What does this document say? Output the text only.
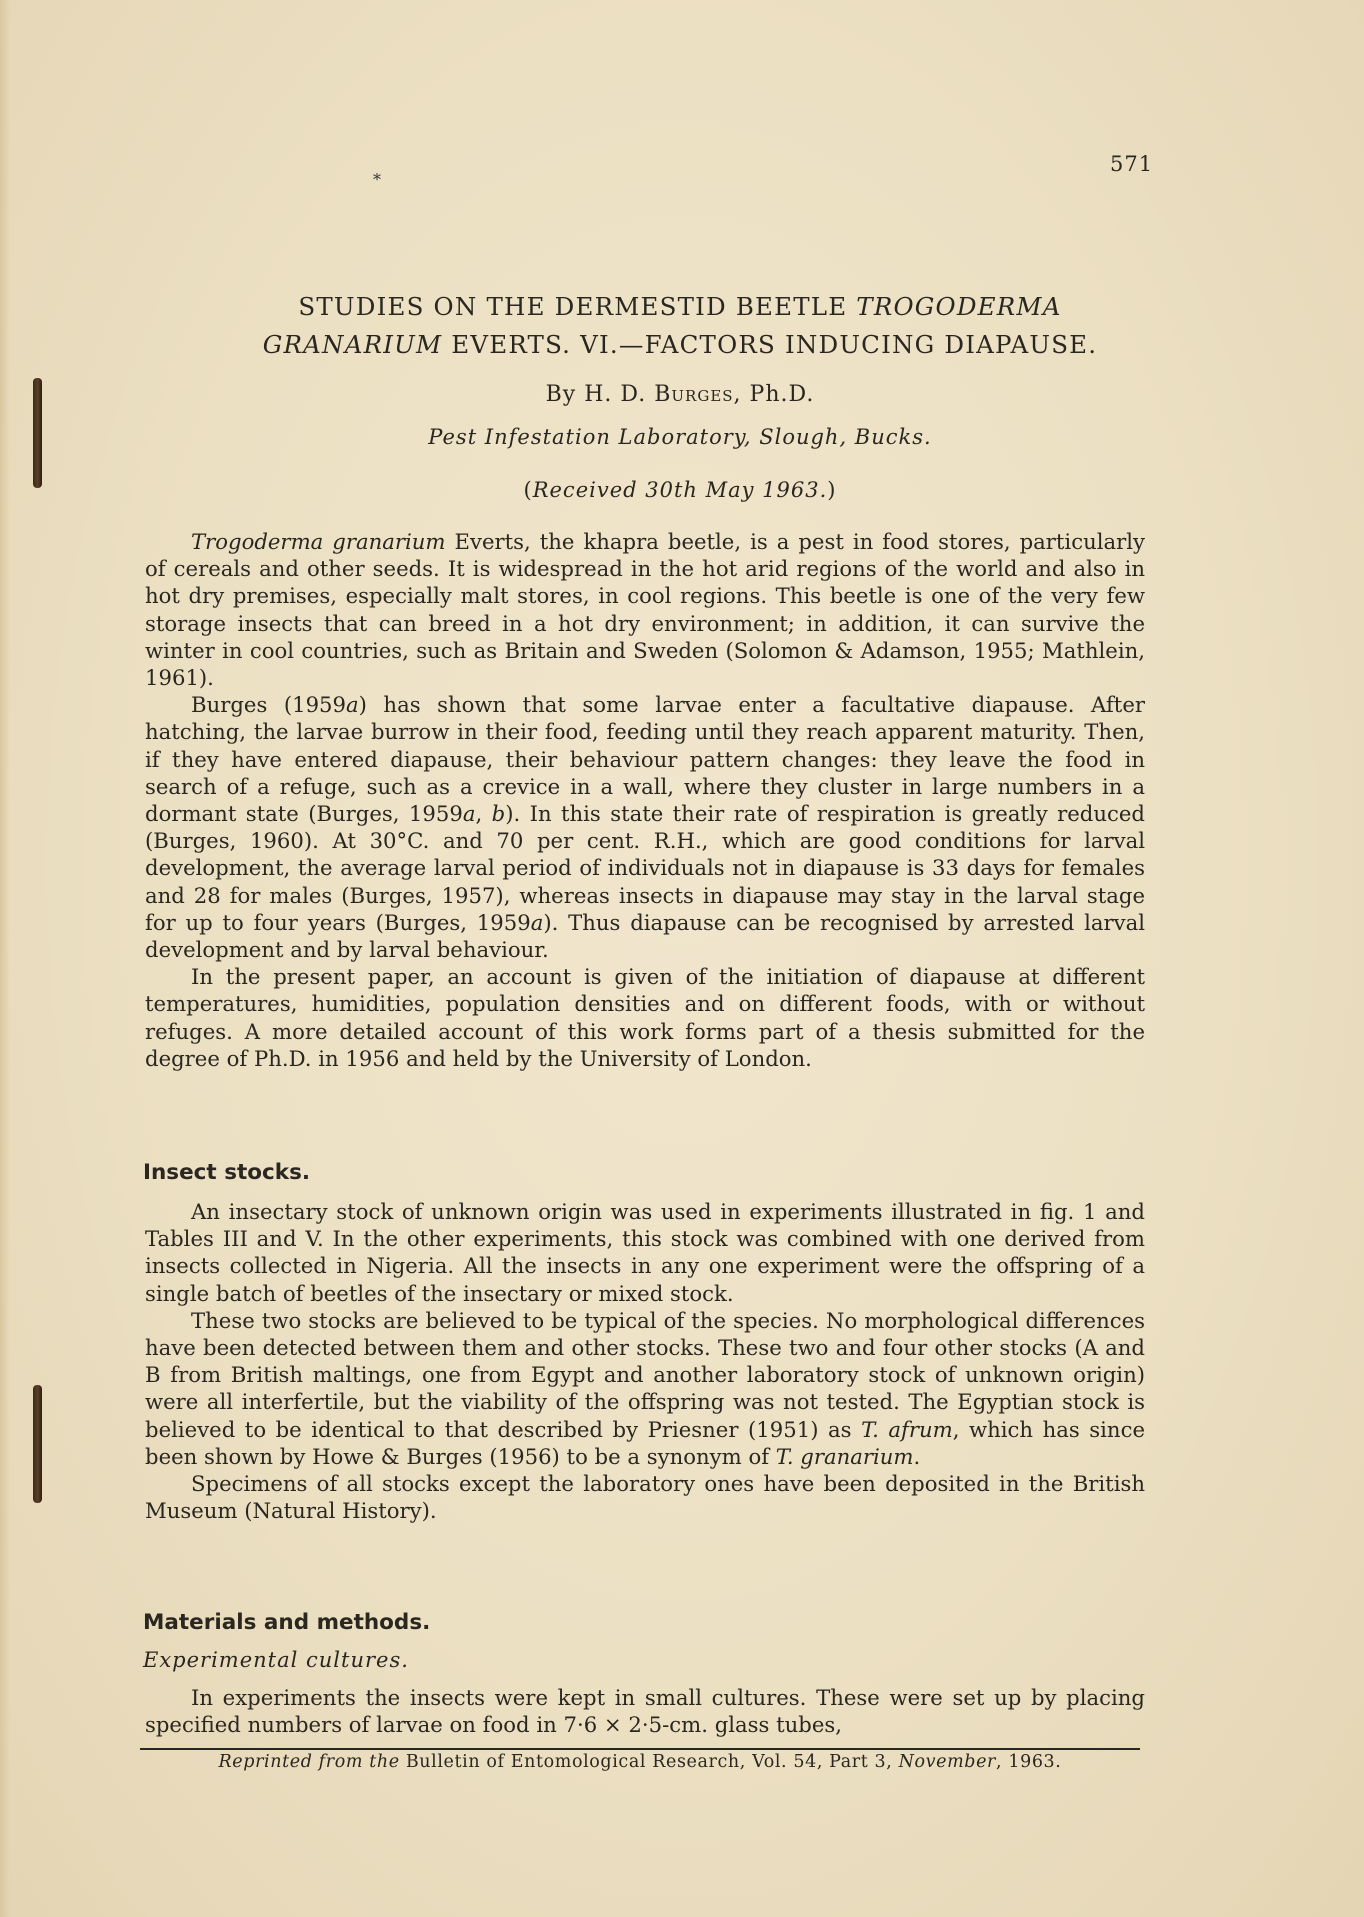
*
571
STUDIES ON THE DERMESTID BEETLE TROGODERMA
GRANARIUM EVERTS. VI.—FACTORS INDUCING DIAPAUSE.
By H. D. Burges, Ph.D.
Pest Infestation Laboratory, Slough, Bucks.
(Received 30th May 1963.)

Trogoderma granarium Everts, the khapra beetle, is a pest in food stores, particularly of cereals and other seeds. It is widespread in the hot arid regions of the world and also in hot dry premises, especially malt stores, in cool regions. This beetle is one of the very few storage insects that can breed in a hot dry environment; in addition, it can survive the winter in cool countries, such as Britain and Sweden (Solomon & Adamson, 1955; Mathlein, 1961).

Burges (1959a) has shown that some larvae enter a facultative diapause. After hatching, the larvae burrow in their food, feeding until they reach apparent maturity. Then, if they have entered diapause, their behaviour pattern changes: they leave the food in search of a refuge, such as a crevice in a wall, where they cluster in large numbers in a dormant state (Burges, 1959a, b). In this state their rate of respiration is greatly reduced (Burges, 1960). At 30°C. and 70 per cent. R.H., which are good conditions for larval development, the average larval period of individuals not in diapause is 33 days for females and 28 for males (Burges, 1957), whereas insects in diapause may stay in the larval stage for up to four years (Burges, 1959a). Thus diapause can be recognised by arrested larval development and by larval behaviour.

In the present paper, an account is given of the initiation of diapause at different temperatures, humidities, population densities and on different foods, with or without refuges. A more detailed account of this work forms part of a thesis submitted for the degree of Ph.D. in 1956 and held by the University of London.

Insect stocks.

An insectary stock of unknown origin was used in experiments illustrated in fig. 1 and Tables III and V. In the other experiments, this stock was combined with one derived from insects collected in Nigeria. All the insects in any one experiment were the offspring of a single batch of beetles of the insectary or mixed stock.

These two stocks are believed to be typical of the species. No morphological differences have been detected between them and other stocks. These two and four other stocks (A and B from British maltings, one from Egypt and another laboratory stock of unknown origin) were all interfertile, but the viability of the offspring was not tested. The Egyptian stock is believed to be identical to that described by Priesner (1951) as T. afrum, which has since been shown by Howe & Burges (1956) to be a synonym of T. granarium.

Specimens of all stocks except the laboratory ones have been deposited in the British Museum (Natural History).

Materials and methods.
Experimental cultures.

In experiments the insects were kept in small cultures. These were set up by placing specified numbers of larvae on food in 7·6 × 2·5-cm. glass tubes,

Reprinted from the Bulletin of Entomological Research, Vol. 54, Part 3, November, 1963.
